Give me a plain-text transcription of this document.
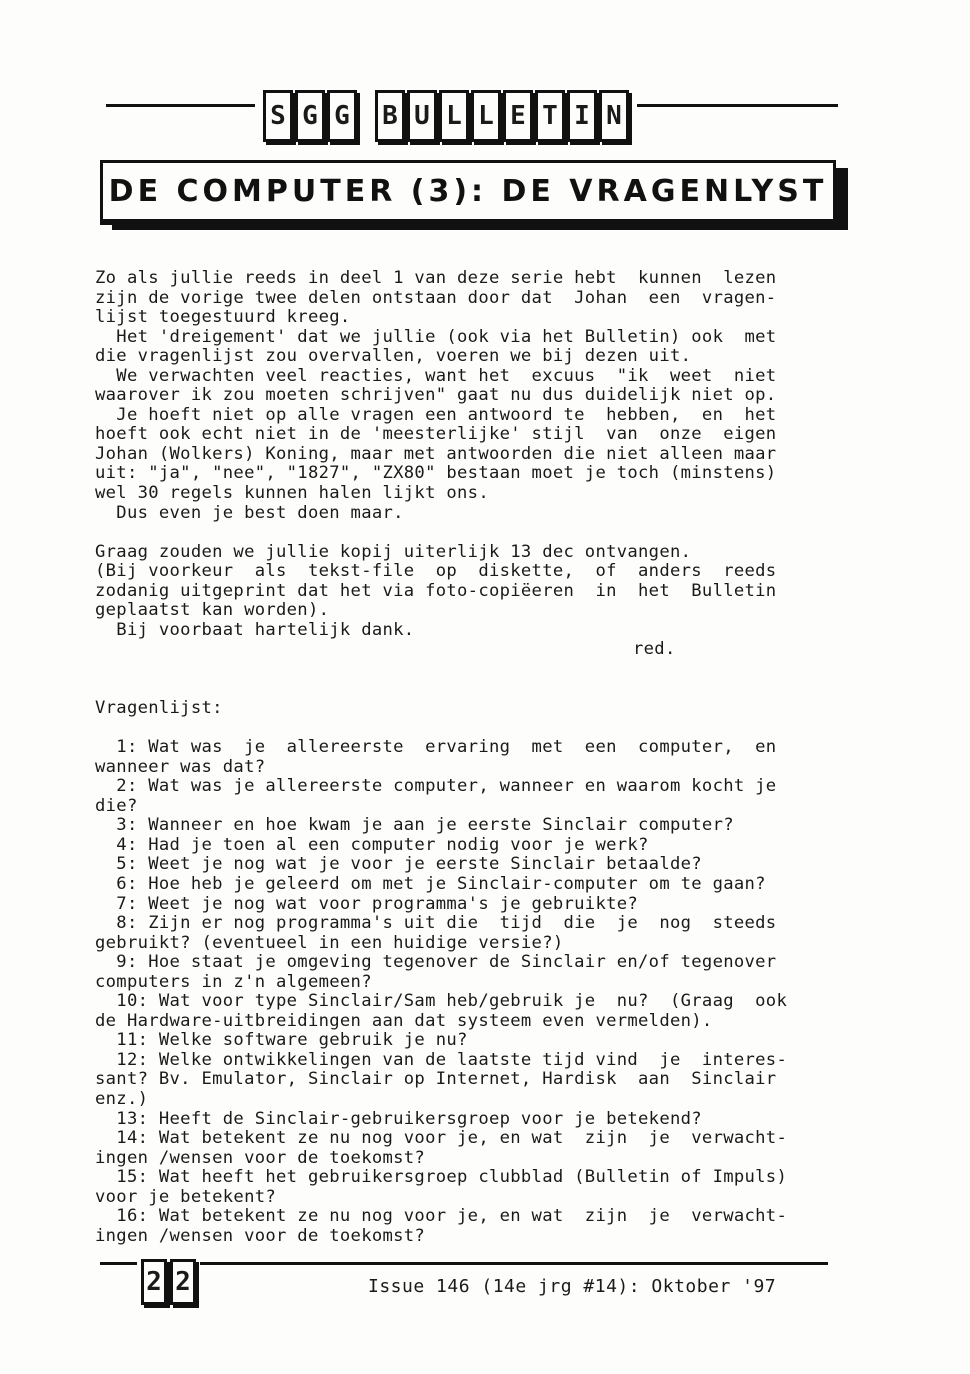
S G G B U L L E T I N
DE COMPUTER (3): DE VRAGENLYST
Zo als jullie reeds in deel 1 van deze serie hebt  kunnen  lezen
zijn de vorige twee delen ontstaan door dat  Johan  een  vragen-
lijst toegestuurd kreeg.
Het 'dreigement' dat we jullie (ook via het Bulletin) ook  met
die vragenlijst zou overvallen, voeren we bij dezen uit.
We verwachten veel reacties, want het  excuus  "ik  weet  niet
waarover ik zou moeten schrijven" gaat nu dus duidelijk niet op.
Je hoeft niet op alle vragen een antwoord te  hebben,  en  het
hoeft ook echt niet in de 'meesterlijke' stijl  van  onze  eigen
Johan (Wolkers) Koning, maar met antwoorden die niet alleen maar
uit: "ja", "nee", "1827", "ZX80" bestaan moet je toch (minstens)
wel 30 regels kunnen halen lijkt ons.
Dus even je best doen maar.
Graag zouden we jullie kopij uiterlijk 13 dec ontvangen.
(Bij voorkeur  als  tekst-file  op  diskette,  of  anders  reeds
zodanig uitgeprint dat het via foto-copiëeren  in  het  Bulletin
geplaatst kan worden).
Bij voorbaat hartelijk dank.
red.
Vragenlijst:
1: Wat was  je  allereerste  ervaring  met  een  computer,  en
wanneer was dat?
2: Wat was je allereerste computer, wanneer en waarom kocht je
die?
3: Wanneer en hoe kwam je aan je eerste Sinclair computer?
4: Had je toen al een computer nodig voor je werk?
5: Weet je nog wat je voor je eerste Sinclair betaalde?
6: Hoe heb je geleerd om met je Sinclair-computer om te gaan?
7: Weet je nog wat voor programma's je gebruikte?
8: Zijn er nog programma's uit die  tijd  die  je  nog  steeds
gebruikt? (eventueel in een huidige versie?)
9: Hoe staat je omgeving tegenover de Sinclair en/of tegenover
computers in z'n algemeen?
10: Wat voor type Sinclair/Sam heb/gebruik je  nu?  (Graag  ook
de Hardware-uitbreidingen aan dat systeem even vermelden).
11: Welke software gebruik je nu?
12: Welke ontwikkelingen van de laatste tijd vind  je  interes-
sant? Bv. Emulator, Sinclair op Internet, Hardisk  aan  Sinclair
enz.)
13: Heeft de Sinclair-gebruikersgroep voor je betekend?
14: Wat betekent ze nu nog voor je, en wat  zijn  je  verwacht-
ingen /wensen voor de toekomst?
15: Wat heeft het gebruikersgroep clubblad (Bulletin of Impuls)
voor je betekent?
16: Wat betekent ze nu nog voor je, en wat  zijn  je  verwacht-
ingen /wensen voor de toekomst?
2 2	Issue 146 (14e jrg #14): Oktober '97
